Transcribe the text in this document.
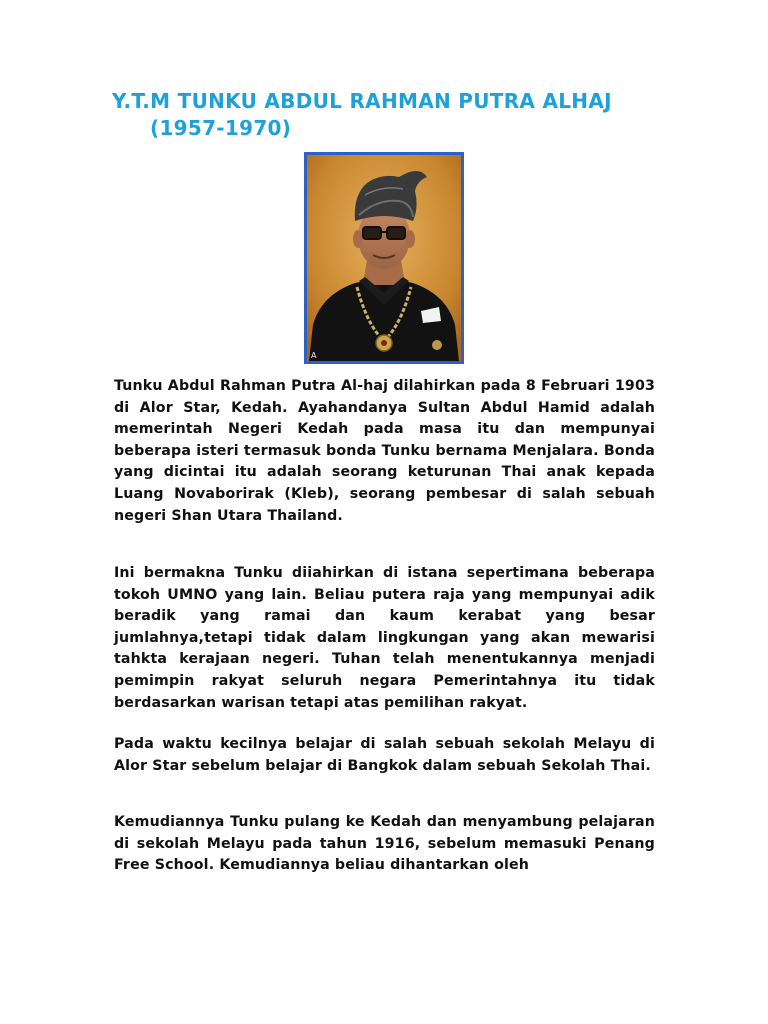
Y.T.M TUNKU ABDUL RAHMAN PUTRA ALHAJ
(1957-1970)
A

Tunku Abdul Rahman Putra Al-haj dilahirkan pada 8 Februari 1903 di Alor Star, Kedah. Ayahandanya Sultan Abdul Hamid adalah memerintah Negeri Kedah pada masa itu dan mempunyai beberapa isteri termasuk bonda Tunku bernama Menjalara. Bonda yang dicintai itu adalah seorang keturunan Thai anak kepada Luang Novaborirak (Kleb), seorang pembesar di salah sebuah negeri Shan Utara Thailand.

Ini bermakna Tunku diiahirkan di istana sepertimana beberapa tokoh UMNO yang lain. Beliau putera raja yang mempunyai adik beradik yang ramai dan kaum kerabat yang besar jumlahnya,tetapi tidak dalam lingkungan yang akan mewarisi tahkta kerajaan negeri. Tuhan telah menentukannya menjadi pemimpin rakyat seluruh negara Pemerintahnya itu tidak berdasarkan warisan tetapi atas pemilihan rakyat.

Pada waktu kecilnya belajar di salah sebuah sekolah Melayu di Alor Star sebelum belajar di Bangkok dalam sebuah Sekolah Thai.

Kemudiannya Tunku pulang ke Kedah dan menyambung pelajaran di sekolah Melayu pada tahun 1916, sebelum memasuki Penang Free School. Kemudiannya beliau dihantarkan oleh
